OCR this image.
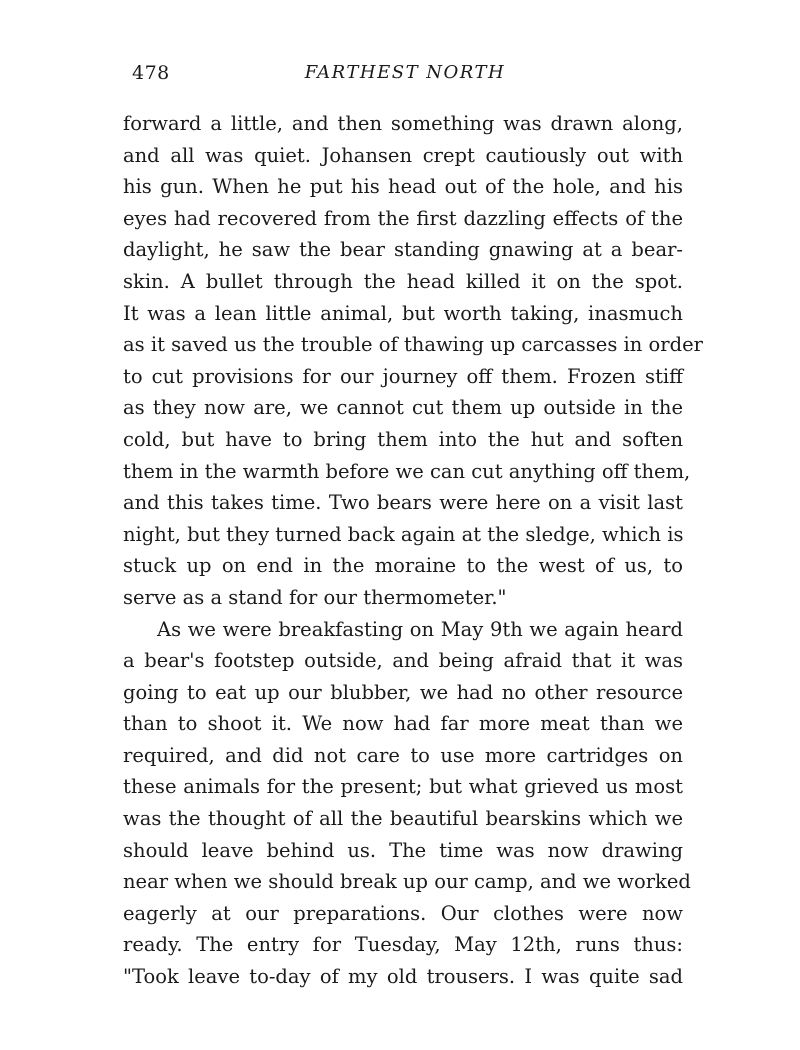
478	FARTHEST NORTH
forward a little, and then something was drawn along,
and all was quiet. Johansen crept cautiously out with
his gun. When he put his head out of the hole, and his
eyes had recovered from the first dazzling effects of the
daylight, he saw the bear standing gnawing at a bear-
skin. A bullet through the head killed it on the spot.
It was a lean little animal, but worth taking, inasmuch
as it saved us the trouble of thawing up carcasses in order
to cut provisions for our journey off them. Frozen stiff
as they now are, we cannot cut them up outside in the
cold, but have to bring them into the hut and soften
them in the warmth before we can cut anything off them,
and this takes time. Two bears were here on a visit last
night, but they turned back again at the sledge, which is
stuck up on end in the moraine to the west of us, to
serve as a stand for our thermometer."
As we were breakfasting on May 9th we again heard
a bear's footstep outside, and being afraid that it was
going to eat up our blubber, we had no other resource
than to shoot it. We now had far more meat than we
required, and did not care to use more cartridges on
these animals for the present; but what grieved us most
was the thought of all the beautiful bearskins which we
should leave behind us. The time was now drawing
near when we should break up our camp, and we worked
eagerly at our preparations. Our clothes were now
ready. The entry for Tuesday, May 12th, runs thus:
"Took leave to-day of my old trousers. I was quite sad
